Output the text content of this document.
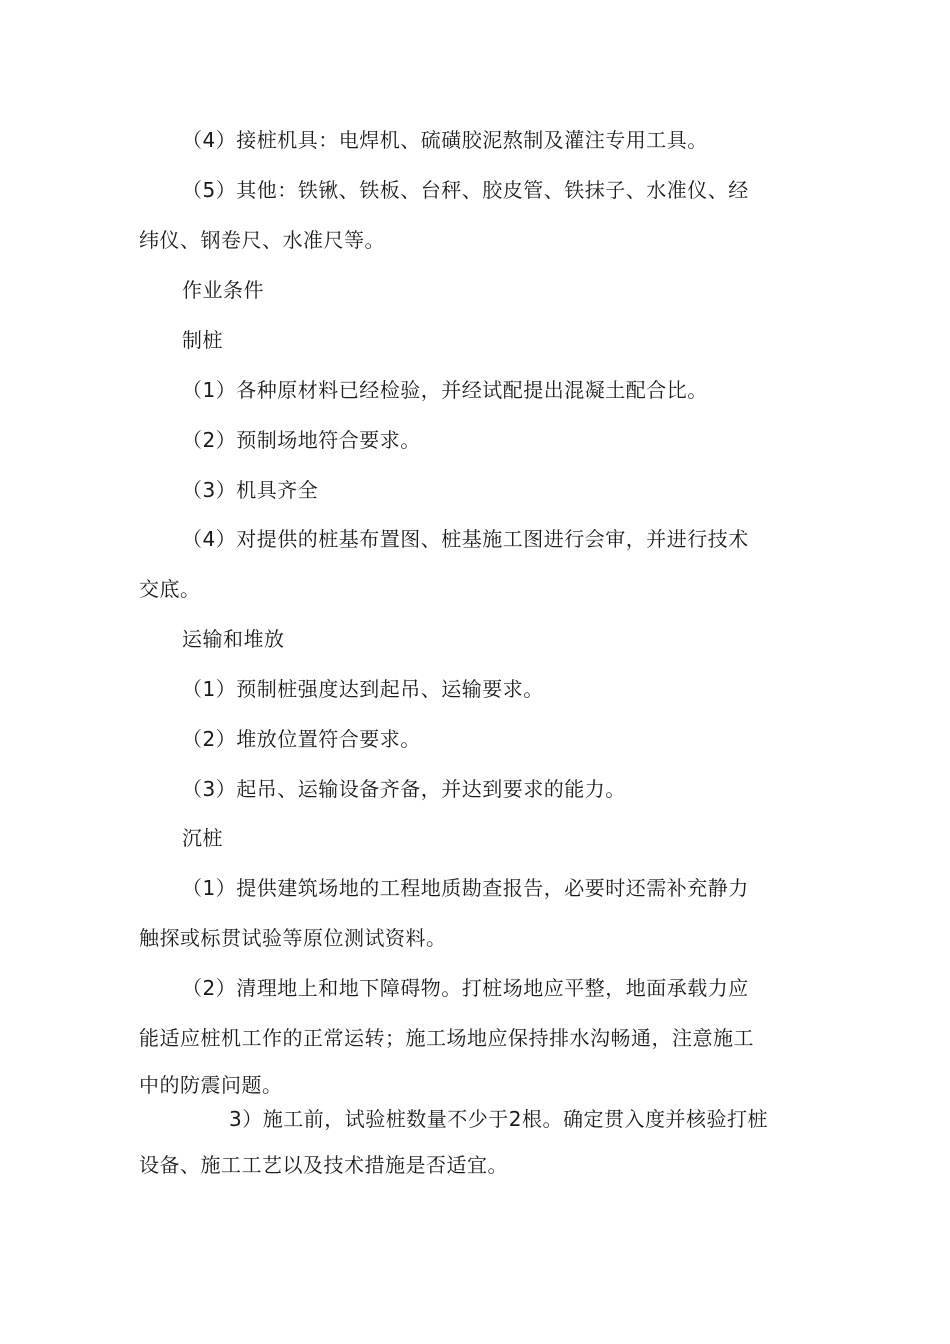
（4）接桩机具：电焊机、硫磺胶泥熬制及灌注专用工具。
（5）其他：铁锹、铁板、台秤、胶皮管、铁抹子、水准仪、经
纬仪、钢卷尺、水准尺等。
作业条件
制桩
（1）各种原材料已经检验，并经试配提出混凝土配合比。
（2）预制场地符合要求。
（3）机具齐全
（4）对提供的桩基布置图、桩基施工图进行会审，并进行技术
交底。
运输和堆放
（1）预制桩强度达到起吊、运输要求。
（2）堆放位置符合要求。
（3）起吊、运输设备齐备，并达到要求的能力。
沉桩
（1）提供建筑场地的工程地质勘查报告，必要时还需补充静力
触探或标贯试验等原位测试资料。
（2）清理地上和地下障碍物。打桩场地应平整，地面承载力应
能适应桩机工作的正常运转；施工场地应保持排水沟畅通，注意施工
中的防震问题。
3）施工前，试验桩数量不少于2根。确定贯入度并核验打桩
设备、施工工艺以及技术措施是否适宜。
